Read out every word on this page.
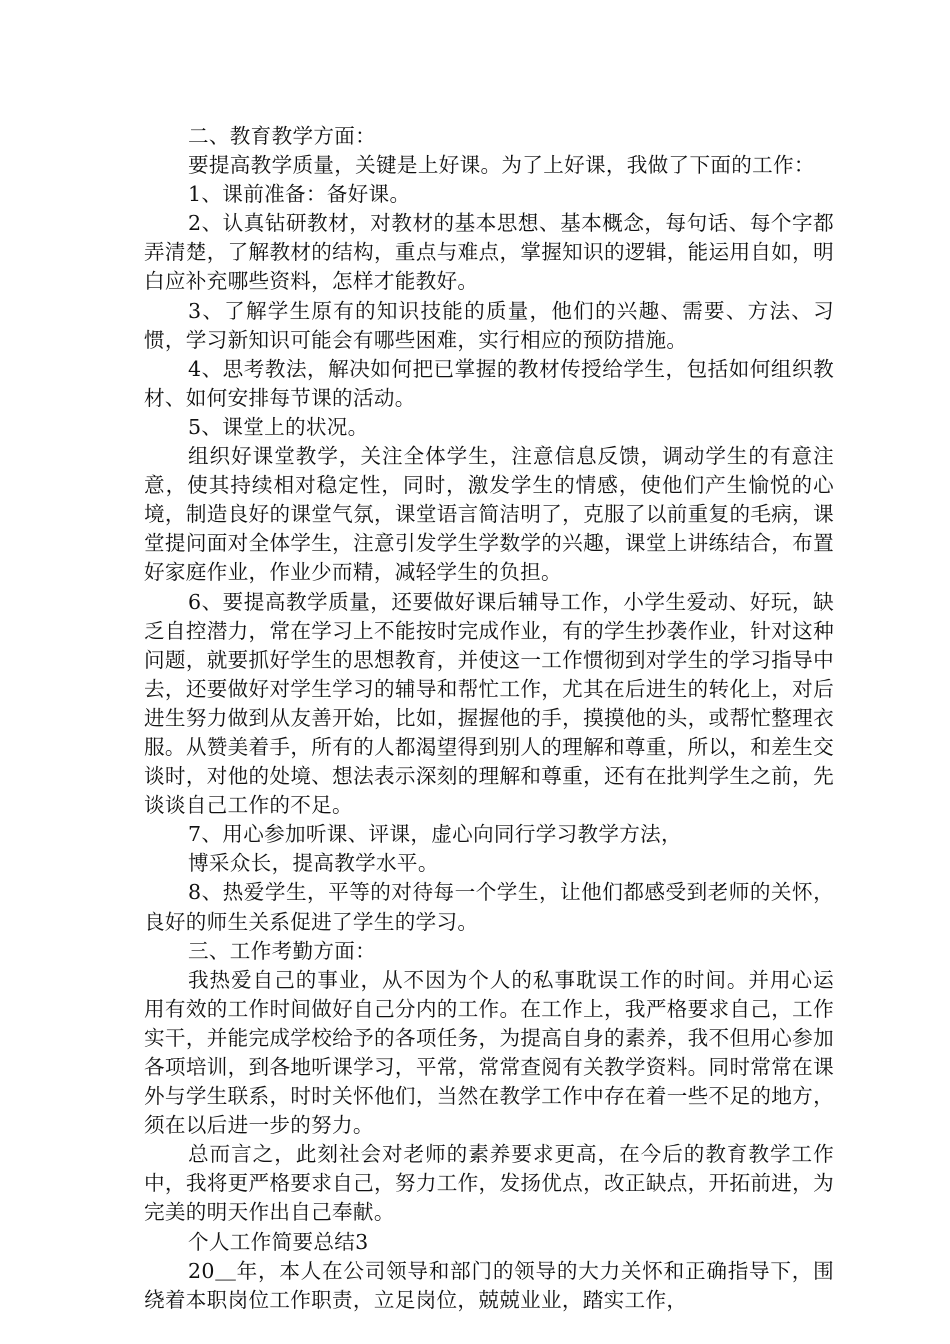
二、教育教学方面：

要提高教学质量，关键是上好课。为了上好课，我做了下面的工作：

1、课前准备：备好课。

2、认真钻研教材，对教材的基本思想、基本概念，每句话、每个字都弄清楚，了解教材的结构，重点与难点，掌握知识的逻辑，能运用自如，明白应补充哪些资料，怎样才能教好。

3、了解学生原有的知识技能的质量，他们的兴趣、需要、方法、习惯，学习新知识可能会有哪些困难，实行相应的预防措施。

4、思考教法，解决如何把已掌握的教材传授给学生，包括如何组织教材、如何安排每节课的活动。

5、课堂上的状况。

组织好课堂教学，关注全体学生，注意信息反馈，调动学生的有意注意，使其持续相对稳定性，同时，激发学生的情感，使他们产生愉悦的心境，制造良好的课堂气氛，课堂语言简洁明了，克服了以前重复的毛病，课堂提问面对全体学生，注意引发学生学数学的兴趣，课堂上讲练结合，布置好家庭作业，作业少而精，减轻学生的负担。

6、要提高教学质量，还要做好课后辅导工作，小学生爱动、好玩，缺乏自控潜力，常在学习上不能按时完成作业，有的学生抄袭作业，针对这种问题，就要抓好学生的思想教育，并使这一工作惯彻到对学生的学习指导中去，还要做好对学生学习的辅导和帮忙工作，尤其在后进生的转化上，对后进生努力做到从友善开始，比如，握握他的手，摸摸他的头，或帮忙整理衣服。从赞美着手，所有的人都渴望得到别人的理解和尊重，所以，和差生交谈时，对他的处境、想法表示深刻的理解和尊重，还有在批判学生之前，先谈谈自己工作的不足。

7、用心参加听课、评课，虚心向同行学习教学方法，

博采众长，提高教学水平。

8、热爱学生，平等的对待每一个学生，让他们都感受到老师的关怀，良好的师生关系促进了学生的学习。

三、工作考勤方面：

我热爱自己的事业，从不因为个人的私事耽误工作的时间。并用心运用有效的工作时间做好自己分内的工作。在工作上，我严格要求自己，工作实干，并能完成学校给予的各项任务，为提高自身的素养，我不但用心参加各项培训，到各地听课学习，平常，常常查阅有关教学资料。同时常常在课外与学生联系，时时关怀他们，当然在教学工作中存在着一些不足的地方，须在以后进一步的努力。

总而言之，此刻社会对老师的素养要求更高，在今后的教育教学工作中，我将更严格要求自己，努力工作，发扬优点，改正缺点，开拓前进，为完美的明天作出自己奉献。

个人工作简要总结3

20＿年，本人在公司领导和部门的领导的大力关怀和正确指导下，围绕着本职岗位工作职责，立足岗位，兢兢业业，踏实工作，
